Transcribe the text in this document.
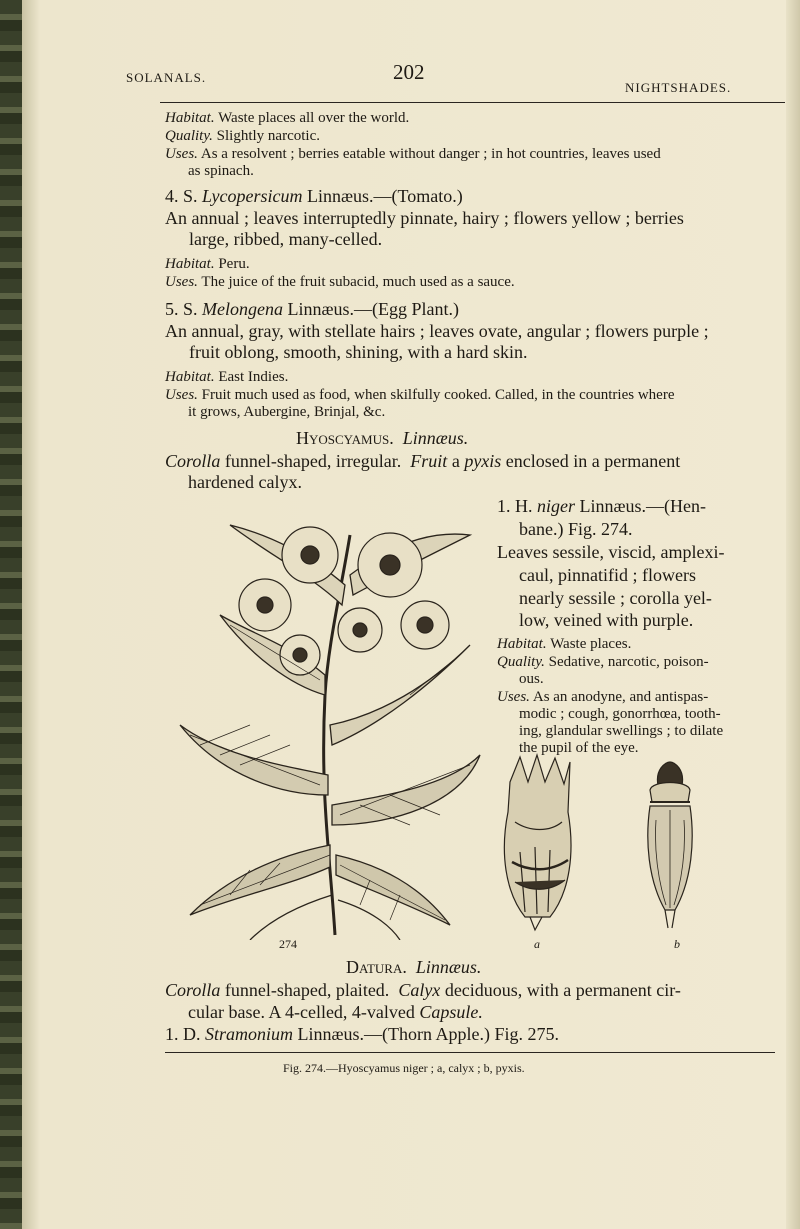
SOLANALS.	202
NIGHTSHADES.
Habitat. Waste places all over the world.
Quality. Slightly narcotic.
Uses. As a resolvent ; berries eatable without danger ; in hot countries, leaves used
as spinach.
4. S. Lycopersicum Linnæus.—(Tomato.)
An annual ; leaves interruptedly pinnate, hairy ; flowers yellow ; berries
large, ribbed, many-celled.
Habitat. Peru.
Uses. The juice of the fruit subacid, much used as a sauce.
5. S. Melongena Linnæus.—(Egg Plant.)
An annual, gray, with stellate hairs ; leaves ovate, angular ; flowers purple ;
fruit oblong, smooth, shining, with a hard skin.
Habitat. East Indies.
Uses. Fruit much used as food, when skilfully cooked. Called, in the countries where
it grows, Aubergine, Brinjal, &c.
Hyoscyamus. Linnæus.
Corolla funnel-shaped, irregular. Fruit a pyxis enclosed in a permanent
hardened calyx.
1. H. niger Linnæus.—(Hen-
bane.) Fig. 274.
Leaves sessile, viscid, amplexi-
caul, pinnatifid ; flowers
nearly sessile ; corolla yel-
low, veined with purple.
Habitat. Waste places.
Quality. Sedative, narcotic, poison-
ous.
Uses. As an anodyne, and antispas-
modic ; cough, gonorrhœa, tooth-
ing, glandular swellings ; to dilate
the pupil of the eye.
274	a	b
Datura. Linnæus.
Corolla funnel-shaped, plaited. Calyx deciduous, with a permanent cir-
cular base. A 4-celled, 4-valved Capsule.
1. D. Stramonium Linnæus.—(Thorn Apple.) Fig. 275.
Fig. 274.—Hyoscyamus niger ; a, calyx ; b, pyxis.
